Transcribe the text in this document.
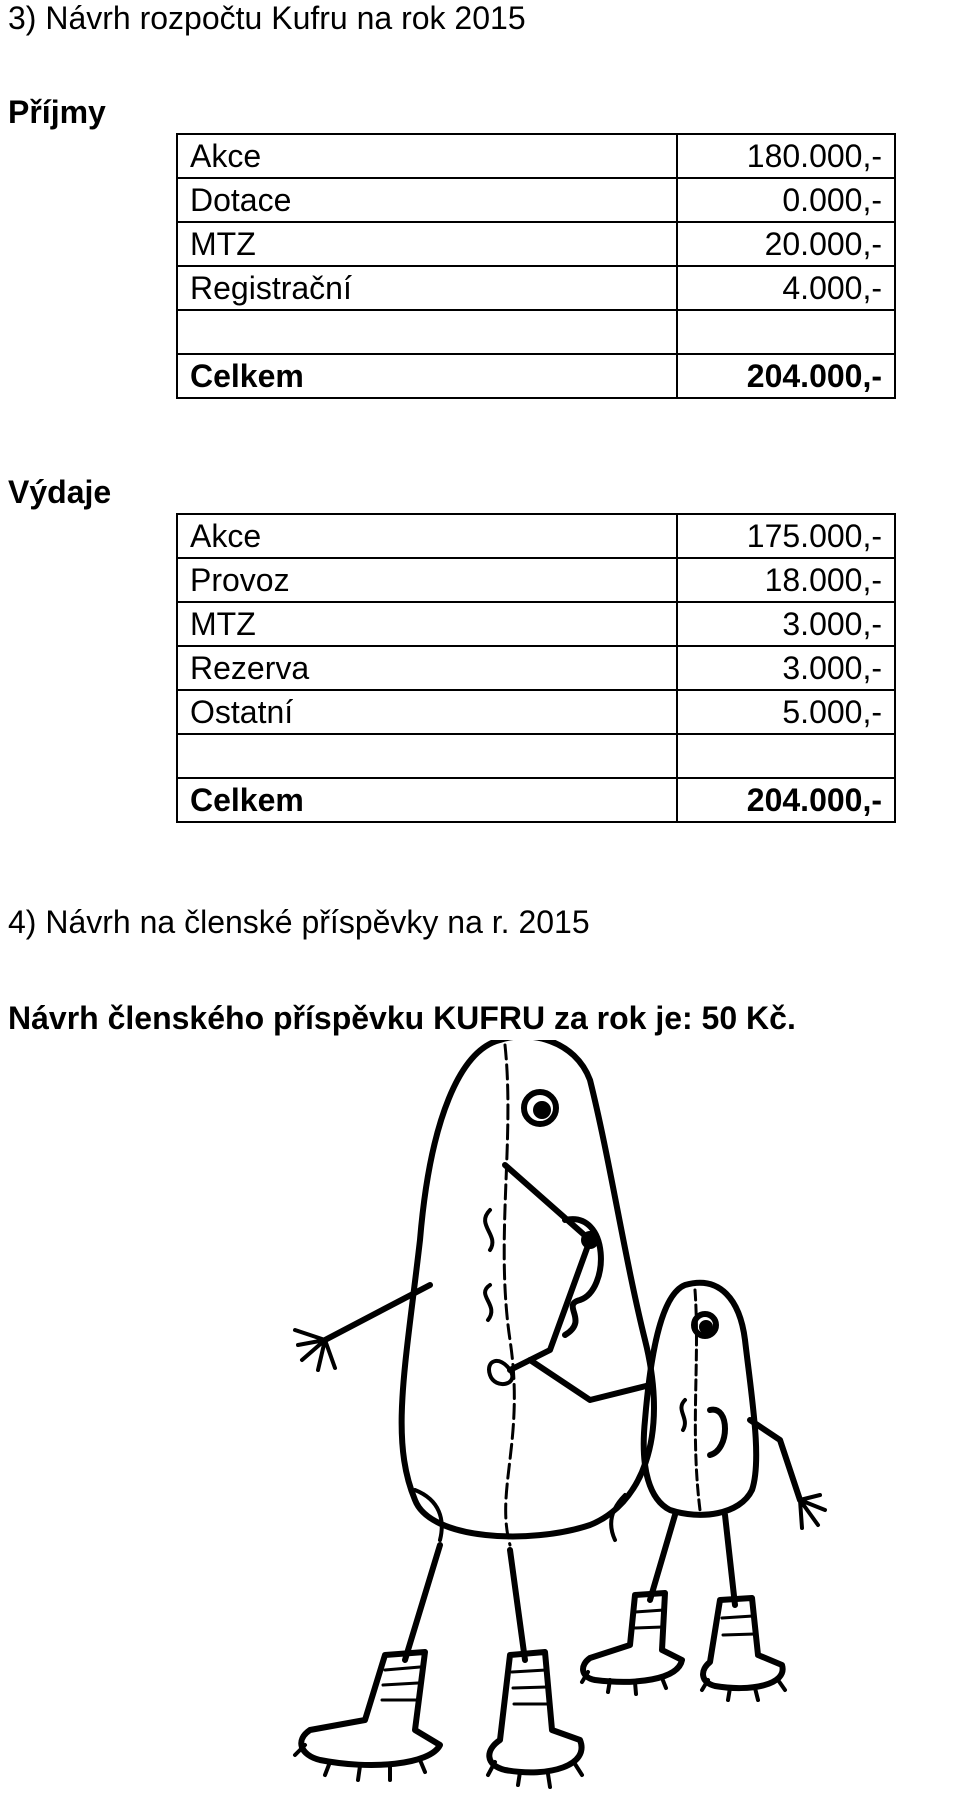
3) Návrh rozpočtu Kufru na rok 2015
Příjmy
Akce	180.000,-
Dotace	0.000,-
MTZ	20.000,-
Registrační	4.000,-

Celkem	204.000,-
Výdaje
Akce	175.000,-
Provoz	18.000,-
MTZ	3.000,-
Rezerva	3.000,-
Ostatní	5.000,-

Celkem	204.000,-
4) Návrh na členské příspěvky na r. 2015
Návrh členského příspěvku KUFRU za rok je: 50 Kč.
